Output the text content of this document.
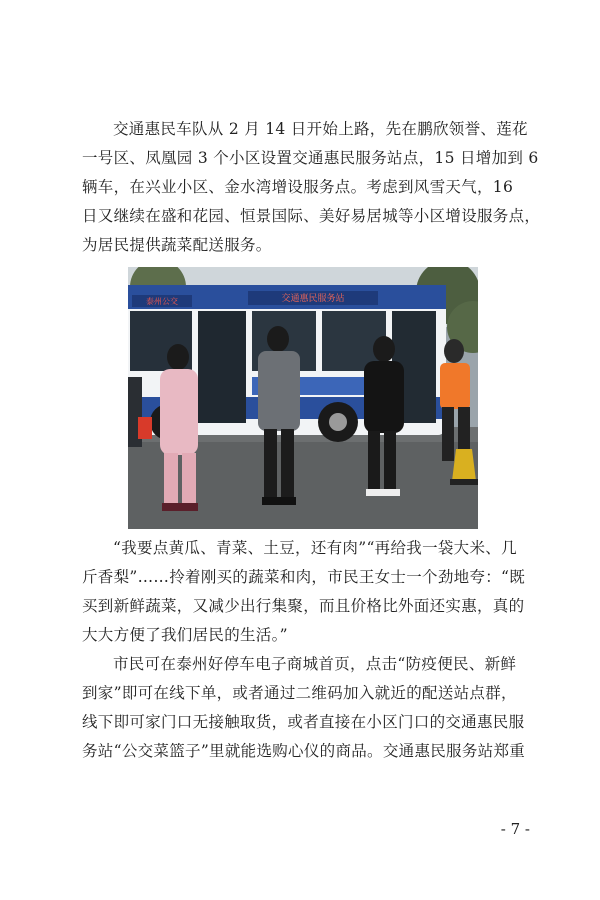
交通惠民车队从 2 月 14 日开始上路，先在鹏欣领誉、莲花
一号区、凤凰园 3 个小区设置交通惠民服务站点，15 日增加到 6
辆车，在兴业小区、金水湾增设服务点。考虑到风雪天气，16
日又继续在盛和花园、恒景国际、美好易居城等小区增设服务点，
为居民提供蔬菜配送服务。
泰州公交	交通惠民服务站
“我要点黄瓜、青菜、土豆，还有肉”“再给我一袋大米、几
斤香梨”……拎着刚买的蔬菜和肉，市民王女士一个劲地夸：“既
买到新鲜蔬菜，又减少出行集聚，而且价格比外面还实惠，真的
大大方便了我们居民的生活。”
市民可在泰州好停车电子商城首页，点击“防疫便民、新鲜
到家”即可在线下单，或者通过二维码加入就近的配送站点群，
线下即可家门口无接触取货，或者直接在小区门口的交通惠民服
务站“公交菜篮子”里就能选购心仪的商品。交通惠民服务站郑重
- 7 -
